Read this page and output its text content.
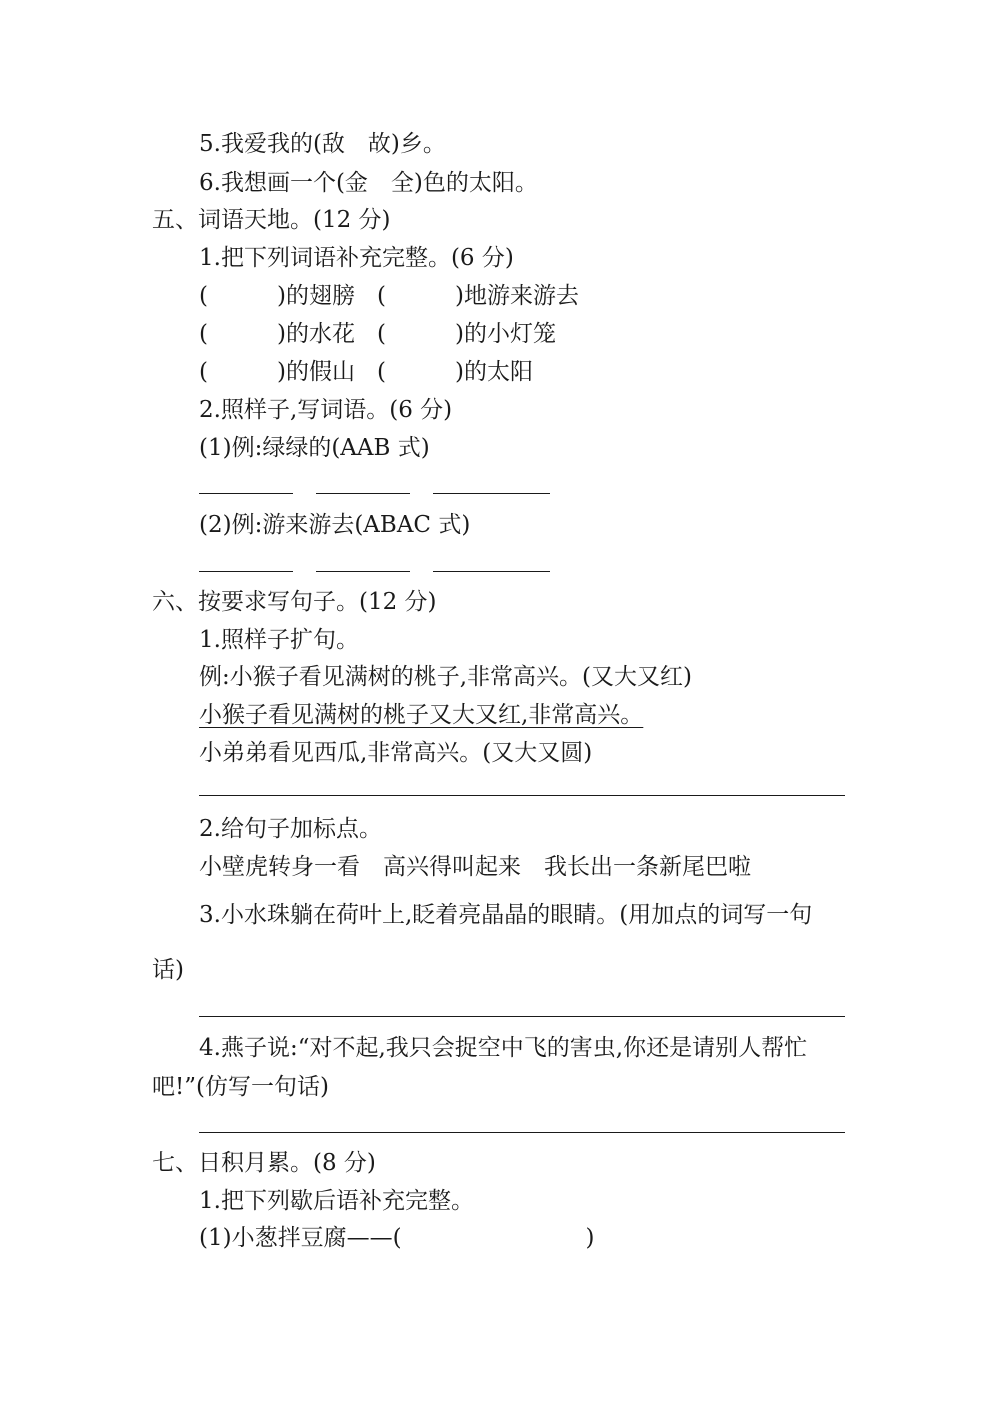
5.我爱我的(敌　故)乡。
6.我想画一个(金　全)色的太阳。
五、词语天地。(12 分)
1.把下列词语补充完整。(6 分)
(　　　)的翅膀 (　　　)地游来游去
(　　　)的水花 (　　　)的小灯笼
(　　　)的假山 (　　　)的太阳
2.照样子,写词语。(6 分)
(1)例:绿绿的(AAB 式)
(2)例:游来游去(ABAC 式)
六、按要求写句子。(12 分)
1.照样子扩句。
例:小猴子看见满树的桃子,非常高兴。(又大又红)
小猴子看见满树的桃子又大又红,非常高兴。
小弟弟看见西瓜,非常高兴。(又大又圆)
2.给句子加标点。
小壁虎转身一看　高兴得叫起来　我长出一条新尾巴啦
3.小水珠躺在荷叶上,眨着亮晶晶的眼睛。(用加点的词写一句
话)
4.燕子说:“对不起,我只会捉空中飞的害虫,你还是请别人帮忙
吧!”(仿写一句话)
七、日积月累。(8 分)
1.把下列歇后语补充完整。
(1)小葱拌豆腐——(　　　　　　　　)
